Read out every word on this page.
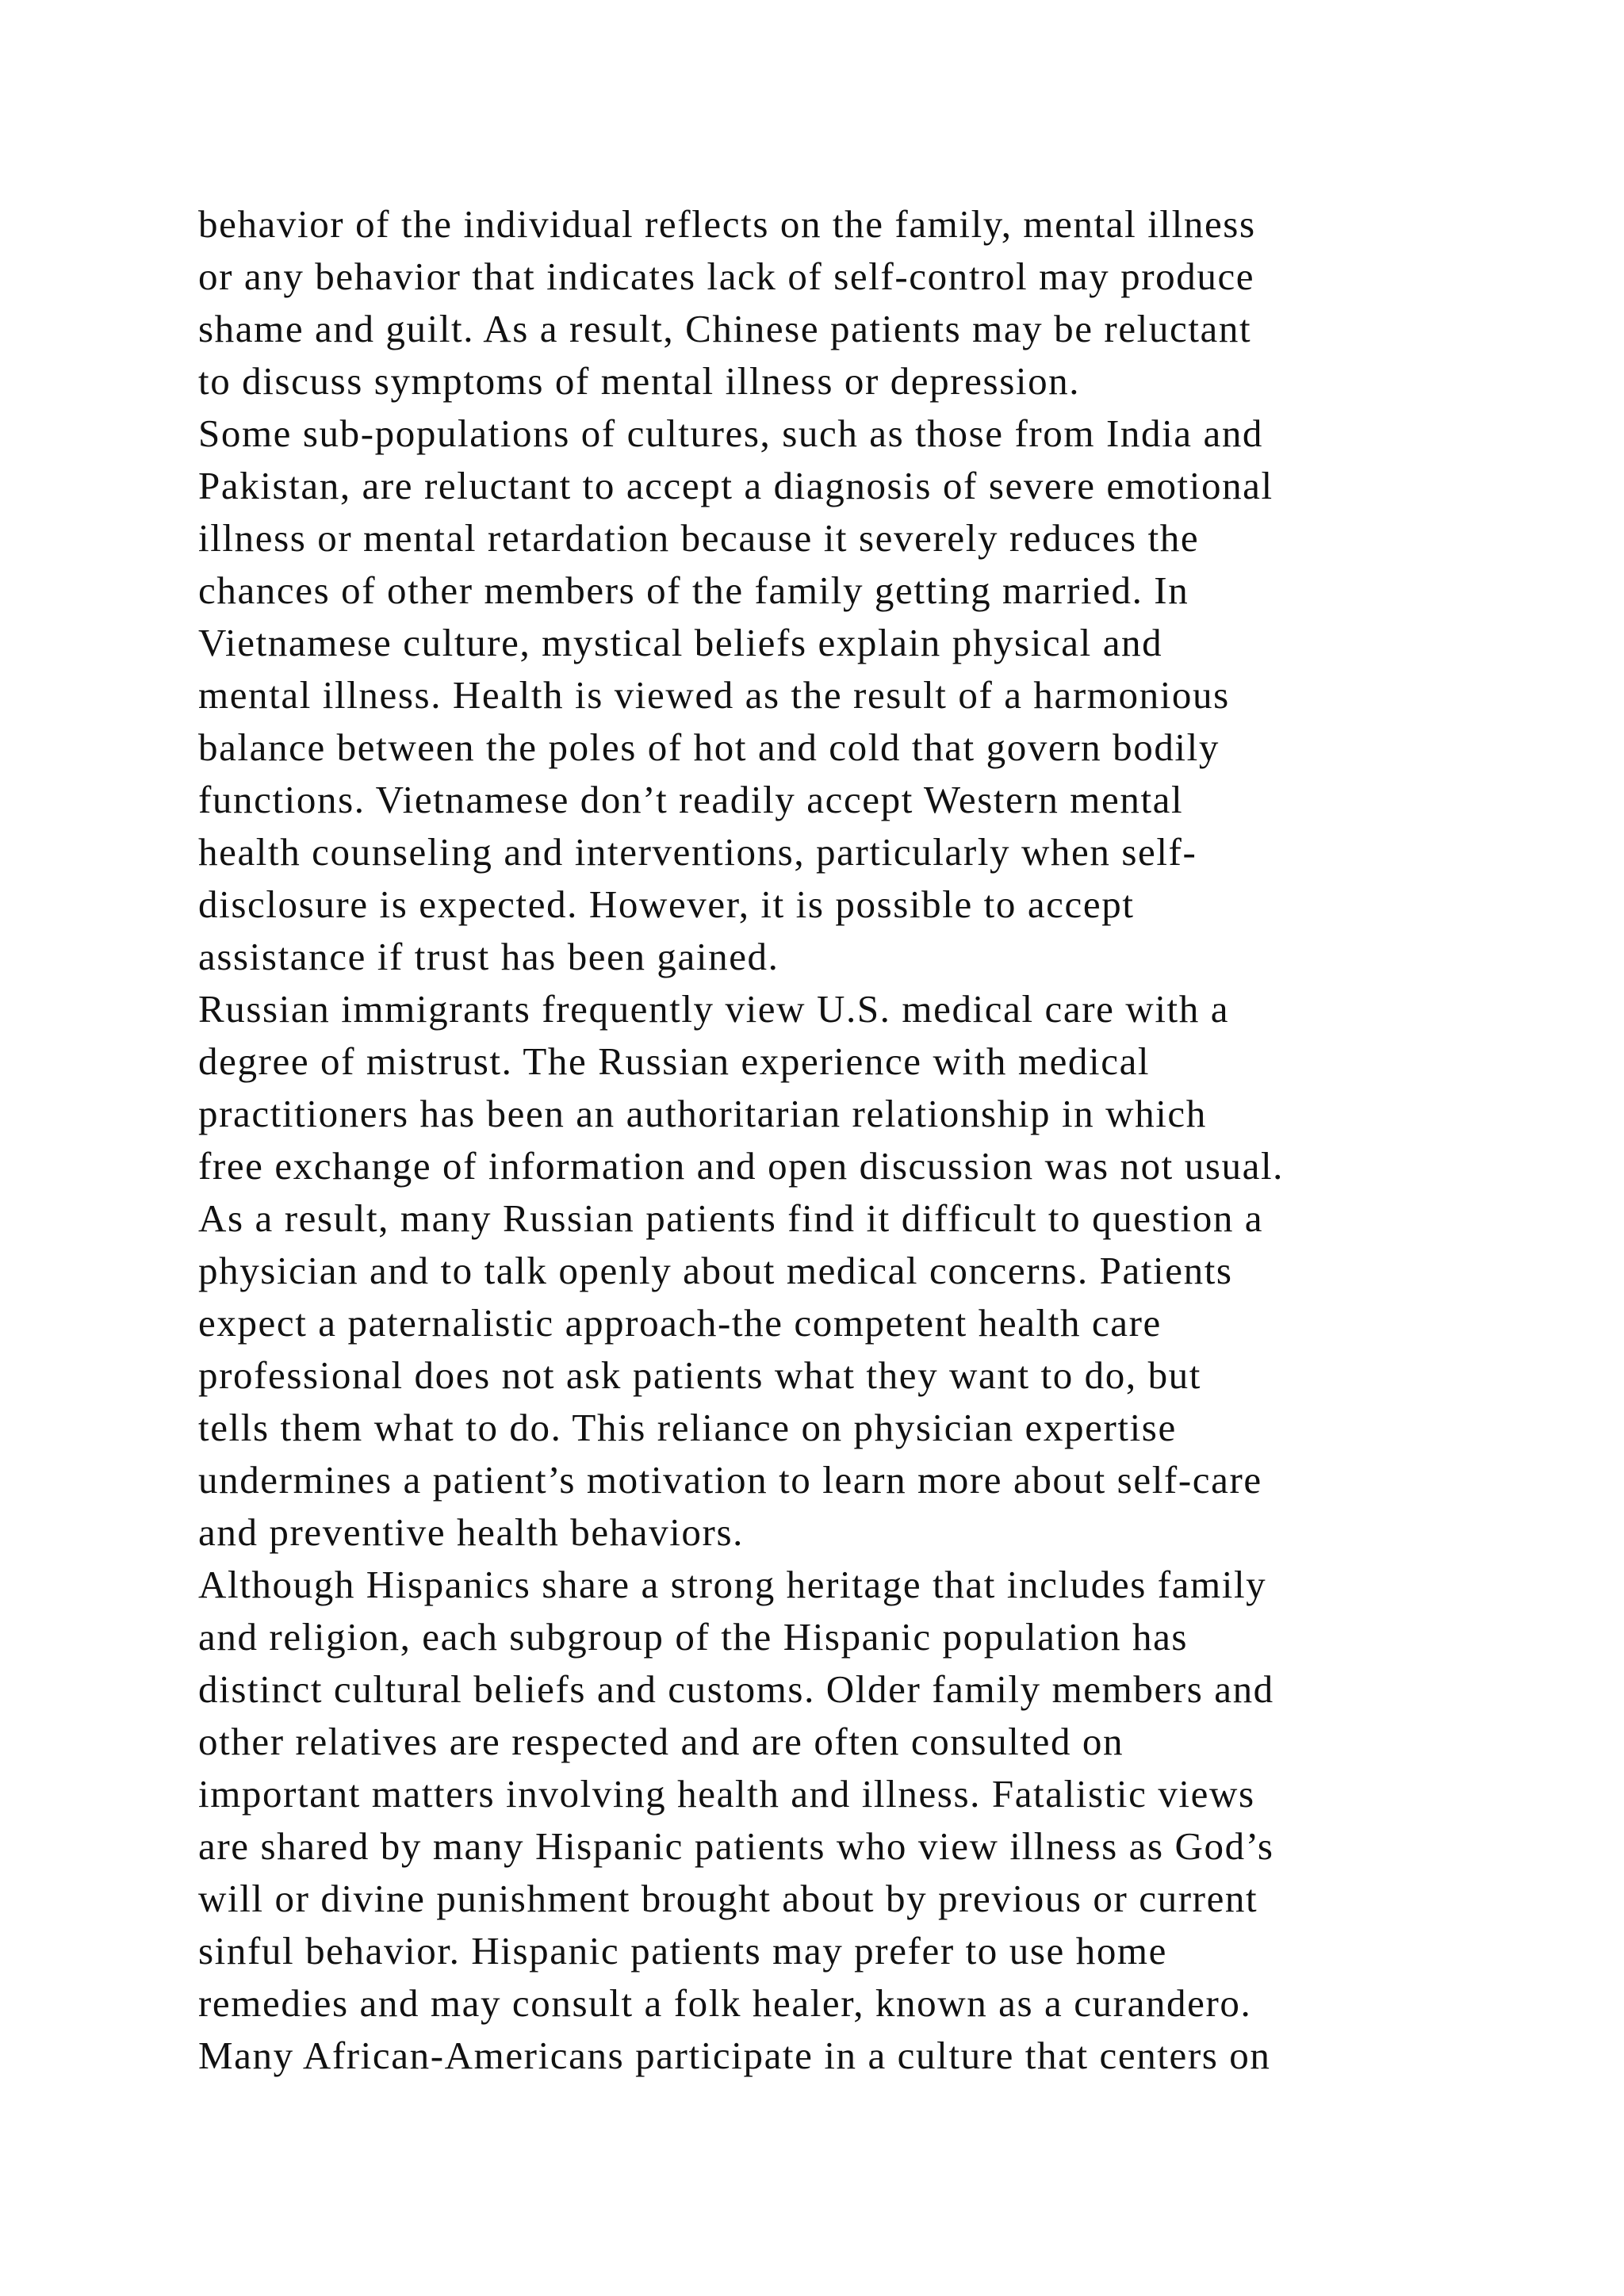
behavior of the individual reflects on the family, mental illness
or any behavior that indicates lack of self-control may produce
shame and guilt. As a result, Chinese patients may be reluctant
to discuss symptoms of mental illness or depression.
Some sub-populations of cultures, such as those from India and
Pakistan, are reluctant to accept a diagnosis of severe emotional
illness or mental retardation because it severely reduces the
chances of other members of the family getting married. In
Vietnamese culture, mystical beliefs explain physical and
mental illness. Health is viewed as the result of a harmonious
balance between the poles of hot and cold that govern bodily
functions. Vietnamese don’t readily accept Western mental
health counseling and interventions, particularly when self-
disclosure is expected. However, it is possible to accept
assistance if trust has been gained.
Russian immigrants frequently view U.S. medical care with a
degree of mistrust. The Russian experience with medical
practitioners has been an authoritarian relationship in which
free exchange of information and open discussion was not usual.
As a result, many Russian patients find it difficult to question a
physician and to talk openly about medical concerns. Patients
expect a paternalistic approach-the competent health care
professional does not ask patients what they want to do, but
tells them what to do. This reliance on physician expertise
undermines a patient’s motivation to learn more about self-care
and preventive health behaviors.
Although Hispanics share a strong heritage that includes family
and religion, each subgroup of the Hispanic population has
distinct cultural beliefs and customs. Older family members and
other relatives are respected and are often consulted on
important matters involving health and illness. Fatalistic views
are shared by many Hispanic patients who view illness as God’s
will or divine punishment brought about by previous or current
sinful behavior. Hispanic patients may prefer to use home
remedies and may consult a folk healer, known as a curandero.
Many African-Americans participate in a culture that centers on
